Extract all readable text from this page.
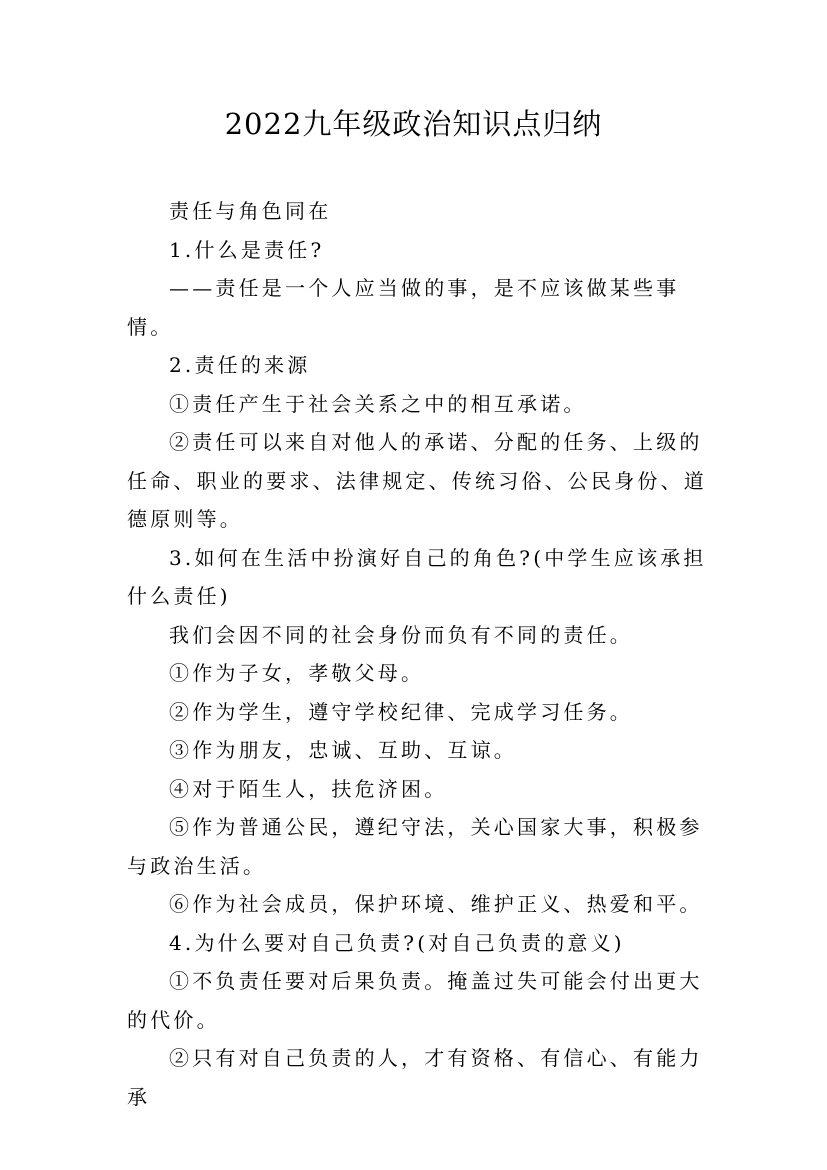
2022九年级政治知识点归纳

责任与角色同在

1.什么是责任?

——责任是一个人应当做的事，是不应该做某些事情。

2.责任的来源

①责任产生于社会关系之中的相互承诺。

②责任可以来自对他人的承诺、分配的任务、上级的任命、职业的要求、法律规定、传统习俗、公民身份、道德原则等。

3.如何在生活中扮演好自己的角色?(中学生应该承担什么责任)

我们会因不同的社会身份而负有不同的责任。

①作为子女，孝敬父母。

②作为学生，遵守学校纪律、完成学习任务。

③作为朋友，忠诚、互助、互谅。

④对于陌生人，扶危济困。

⑤作为普通公民，遵纪守法，关心国家大事，积极参与政治生活。

⑥作为社会成员，保护环境、维护正义、热爱和平。

4.为什么要对自己负责?(对自己负责的意义)

①不负责任要对后果负责。掩盖过失可能会付出更大的代价。

②只有对自己负责的人，才有资格、有信心、有能力承
